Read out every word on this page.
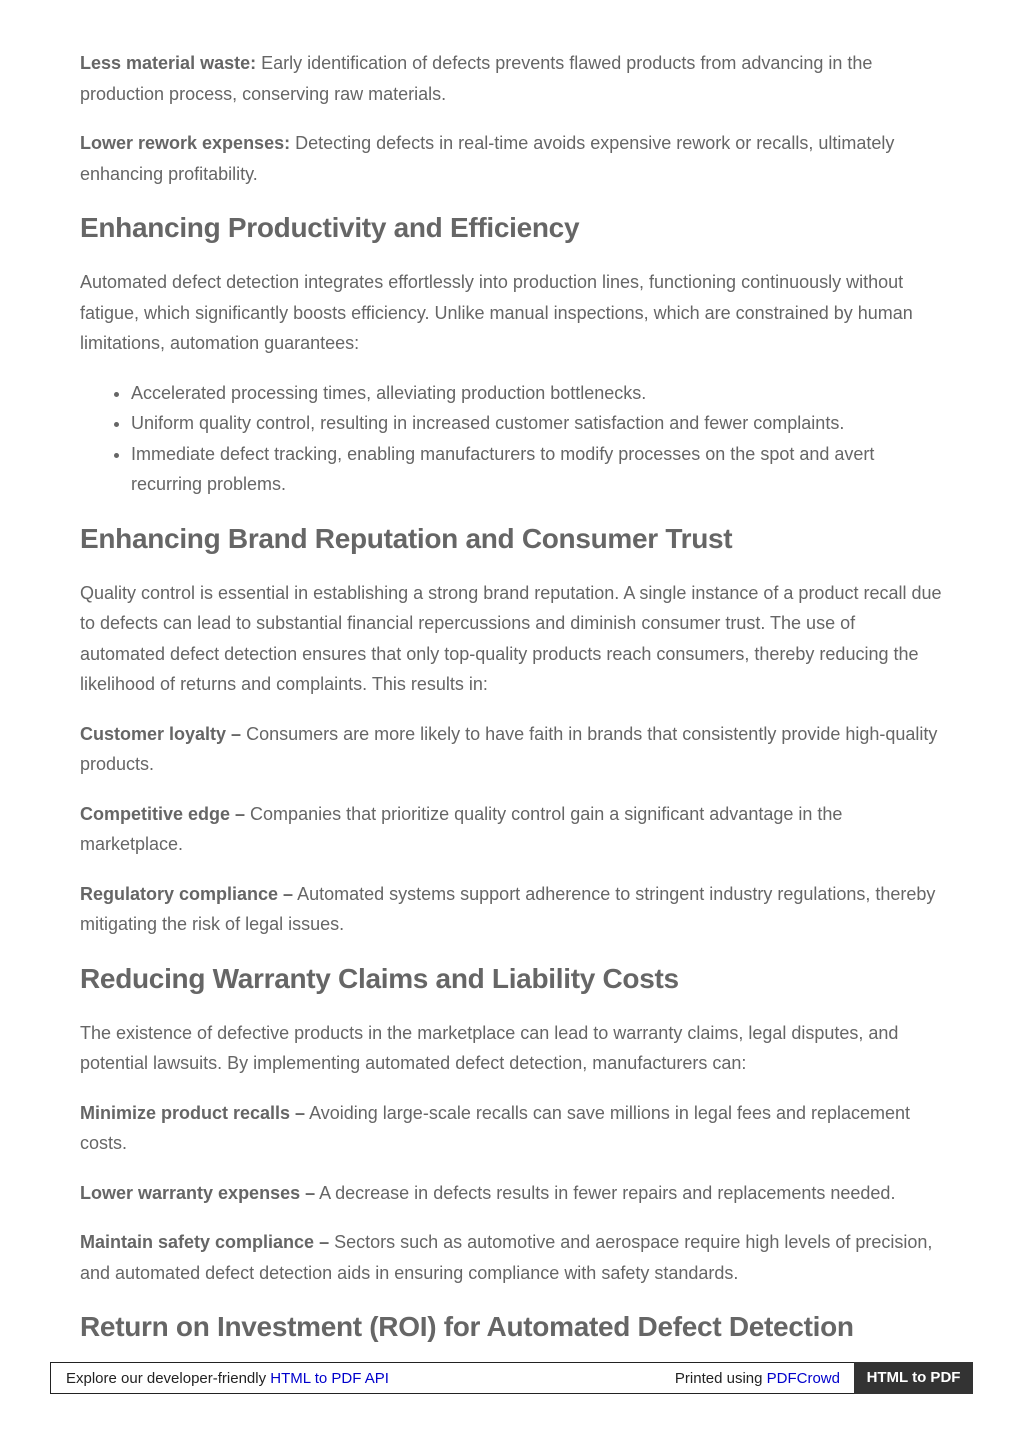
Less material waste: Early identification of defects prevents flawed products from advancing in the production process, conserving raw materials.

Lower rework expenses: Detecting defects in real-time avoids expensive rework or recalls, ultimately enhancing profitability.

Enhancing Productivity and Efficiency

Automated defect detection integrates effortlessly into production lines, functioning continuously without fatigue, which significantly boosts efficiency. Unlike manual inspections, which are constrained by human limitations, automation guarantees:

• Accelerated processing times, alleviating production bottlenecks.
• Uniform quality control, resulting in increased customer satisfaction and fewer complaints.
• Immediate defect tracking, enabling manufacturers to modify processes on the spot and avert recurring problems.
Enhancing Brand Reputation and Consumer Trust

Quality control is essential in establishing a strong brand reputation. A single instance of a product recall due to defects can lead to substantial financial repercussions and diminish consumer trust. The use of automated defect detection ensures that only top-quality products reach consumers, thereby reducing the likelihood of returns and complaints. This results in:

Customer loyalty – Consumers are more likely to have faith in brands that consistently provide high-quality products.

Competitive edge – Companies that prioritize quality control gain a significant advantage in the marketplace.

Regulatory compliance – Automated systems support adherence to stringent industry regulations, thereby mitigating the risk of legal issues.

Reducing Warranty Claims and Liability Costs

The existence of defective products in the marketplace can lead to warranty claims, legal disputes, and potential lawsuits. By implementing automated defect detection, manufacturers can:

Minimize product recalls – Avoiding large-scale recalls can save millions in legal fees and replacement costs.

Lower warranty expenses – A decrease in defects results in fewer repairs and replacements needed.

Maintain safety compliance – Sectors such as automotive and aerospace require high levels of precision, and automated defect detection aids in ensuring compliance with safety standards.

Return on Investment (ROI) for Automated Defect Detection
Explore our developer-friendly HTML to PDF API	Printed using PDFCrowd	HTML to PDF
